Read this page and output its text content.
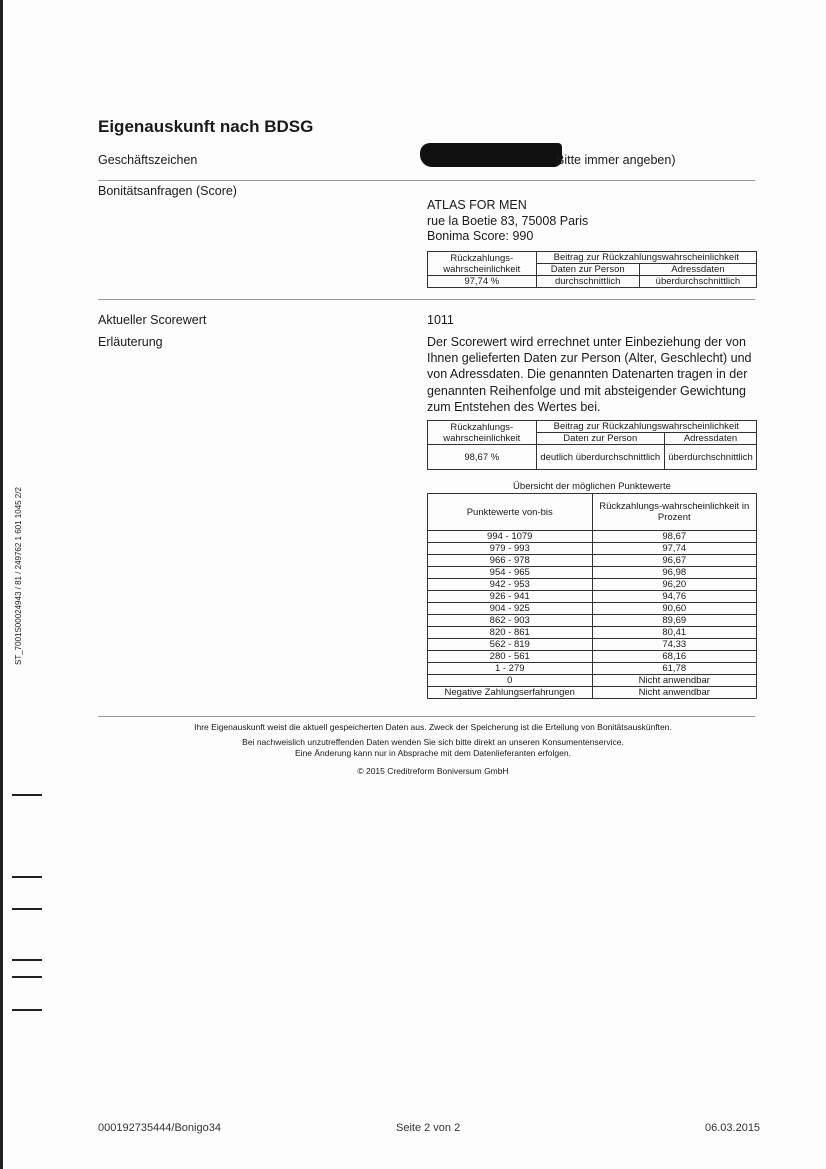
ST_7001S00024943 / 81 / 249762 1 601 1045 2/2
Eigenauskunft nach BDSG
Geschäftszeichen	Bitte immer angeben)
Bonitätsanfragen (Score)
ATLAS FOR MEN
rue la Boetie 83, 75008 Paris
Bonima Score: 990
Rückzahlungs-wahrscheinlichkeit	Beitrag zur Rückzahlungswahrscheinlichkeit	
	Daten zur Person	Adressdaten
97,74 %	durchschnittlich	überdurchschnittlich
Aktueller Scorewert	1011
Erläuterung	Der Scorewert wird errechnet unter Einbeziehung der von Ihnen gelieferten Daten zur Person (Alter, Geschlecht) und von Adressdaten. Die genannten Datenarten tragen in der genannten Reihenfolge und mit absteigender Gewichtung zum Entstehen des Wertes bei.
Rückzahlungs-wahrscheinlichkeit	Beitrag zur Rückzahlungswahrscheinlichkeit	
	Daten zur Person	Adressdaten
98,67 %	deutlich überdurchschnittlich	überdurchschnittlich
Übersicht der möglichen Punktewerte
Punktewerte von-bis	Rückzahlungs-wahrscheinlichkeit in Prozent
994 - 1079	98,67
979 - 993	97,74
966 - 978	96,67
954 - 965	96,98
942 - 953	96,20
926 - 941	94,76
904 - 925	90,60
862 - 903	89,69
820 - 861	80,41
562 - 819	74,33
280 - 561	68,16
1 - 279	61,78
0	Nicht anwendbar
Negative Zahlungserfahrungen	Nicht anwendbar
Ihre Eigenauskunft weist die aktuell gespeicherten Daten aus. Zweck der Speicherung ist die Erteilung von Bonitätsauskünften.
Bei nachweislich unzutreffenden Daten wenden Sie sich bitte direkt an unseren Konsumentenservice.
Eine Änderung kann nur in Absprache mit dem Datenlieferanten erfolgen.
© 2015 Creditreform Boniversum GmbH
000192735444/Bonigo34	Seite 2 von 2	06.03.2015
